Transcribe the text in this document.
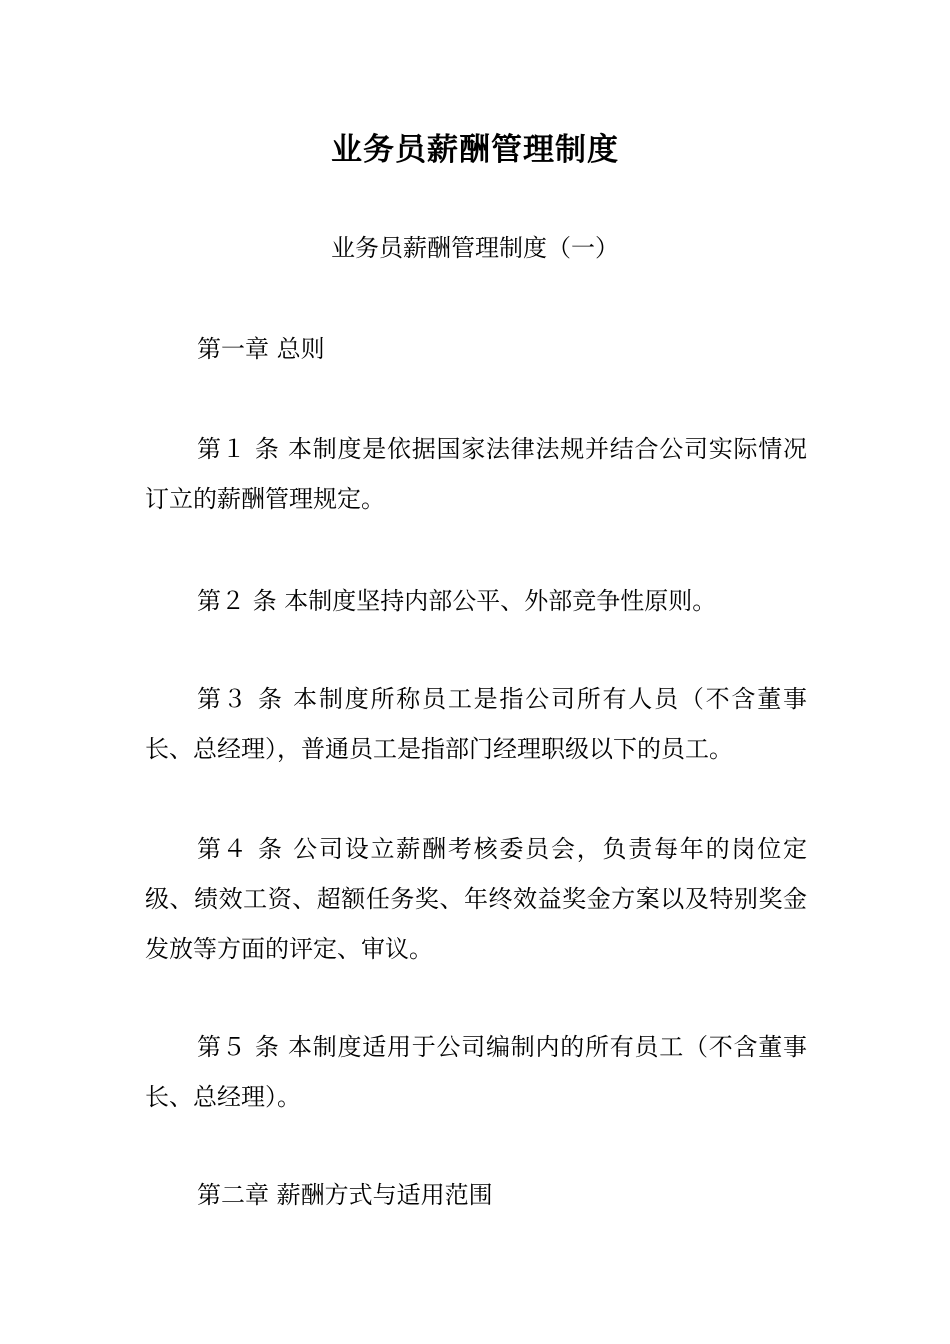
业务员薪酬管理制度

业务员薪酬管理制度（一）

第一章 总则

第１ 条 本制度是依据国家法律法规并结合公司实际情况订立的薪酬管理规定。

第２ 条 本制度坚持内部公平、外部竞争性原则。

第３ 条 本制度所称员工是指公司所有人员（不含董事长、总经理），普通员工是指部门经理职级以下的员工。

第４ 条 公司设立薪酬考核委员会，负责每年的岗位定级、绩效工资、超额任务奖、年终效益奖金方案以及特别奖金发放等方面的评定、审议。

第５ 条 本制度适用于公司编制内的所有员工（不含董事长、总经理）。

第二章 薪酬方式与适用范围
